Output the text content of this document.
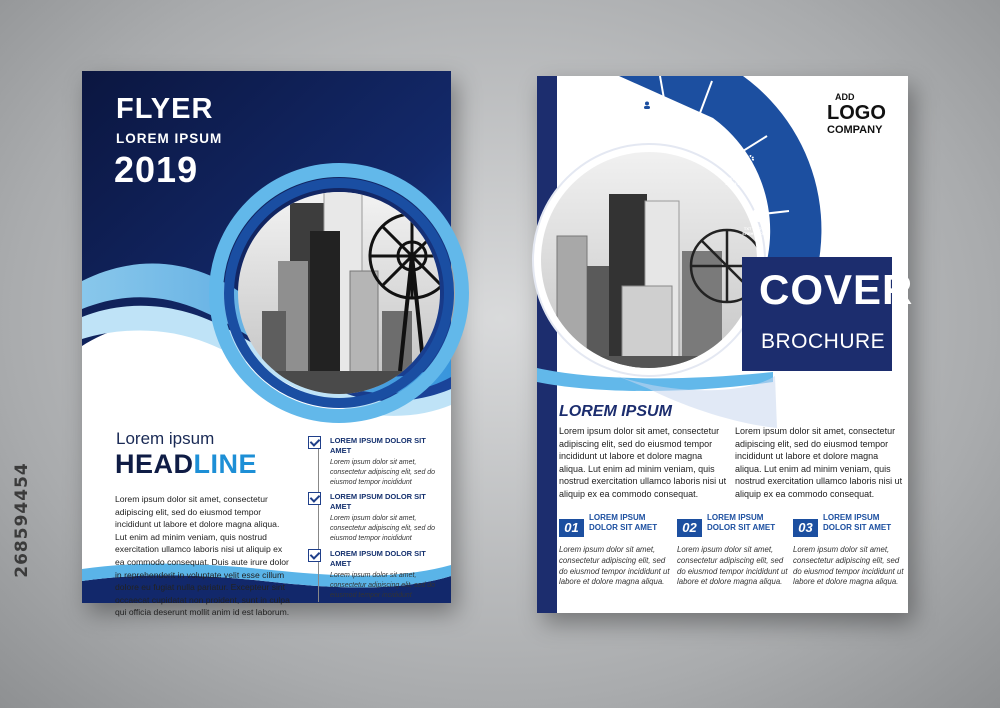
268594454
FLYER
LOREM IPSUM
2019
Lorem ipsum
HEADLINE
Lorem ipsum dolor sit amet, consectetur adipiscing elit, sed do eiusmod tempor incididunt ut labore et dolore magna aliqua. Lut enim ad minim veniam, quis nostrud exercitation ullamco laboris nisi ut aliquip ex ea commodo consequat. Duis aute irure dolor in reprehenderit in voluptate velit esse cillum dolore eu fugiat nulla pariatur. Excepteur sint occaecat cupidatat non proident, sunt in culpa qui officia deserunt mollit anim id est laborum.
LOREM IPSUM DOLOR SIT AMET
Lorem ipsum dolor sit amet, consectetur adipiscing elit, sed do eiusmod tempor incididunt
LOREM IPSUM DOLOR SIT AMET
Lorem ipsum dolor sit amet, consectetur adipiscing elit, sed do eiusmod tempor incididunt
LOREM IPSUM DOLOR SIT AMET
Lorem ipsum dolor sit amet, consectetur adipiscing elit, sed do eiusmod tempor incididunt
TXT RUOY EREH ESOP
TXT RUOY EREH ESOP
TXT RUOY EREH ESOP
TXT RUOY EREH ESOP
ADD
LOGO
COMPANY
COVER
BROCHURE
LOREM IPSUM
Lorem ipsum dolor sit amet, consectetur adipiscing elit, sed do eiusmod tempor incididunt ut labore et dolore magna aliqua. Lut enim ad minim veniam, quis nostrud exercitation ullamco laboris nisi ut aliquip ex ea commodo consequat.
Lorem ipsum dolor sit amet, consectetur adipiscing elit, sed do eiusmod tempor incididunt ut labore et dolore magna aliqua. Lut enim ad minim veniam, quis nostrud exercitation ullamco laboris nisi ut aliquip ex ea commodo consequat.
01
LOREM IPSUM DOLOR SIT AMET
Lorem ipsum dolor sit amet, consectetur adipiscing elit, sed do eiusmod tempor incididunt ut labore et dolore magna aliqua.
02
LOREM IPSUM DOLOR SIT AMET
Lorem ipsum dolor sit amet, consectetur adipiscing elit, sed do eiusmod tempor incididunt ut labore et dolore magna aliqua.
03
LOREM IPSUM DOLOR SIT AMET
Lorem ipsum dolor sit amet, consectetur adipiscing elit, sed do eiusmod tempor incididunt ut labore et dolore magna aliqua.
